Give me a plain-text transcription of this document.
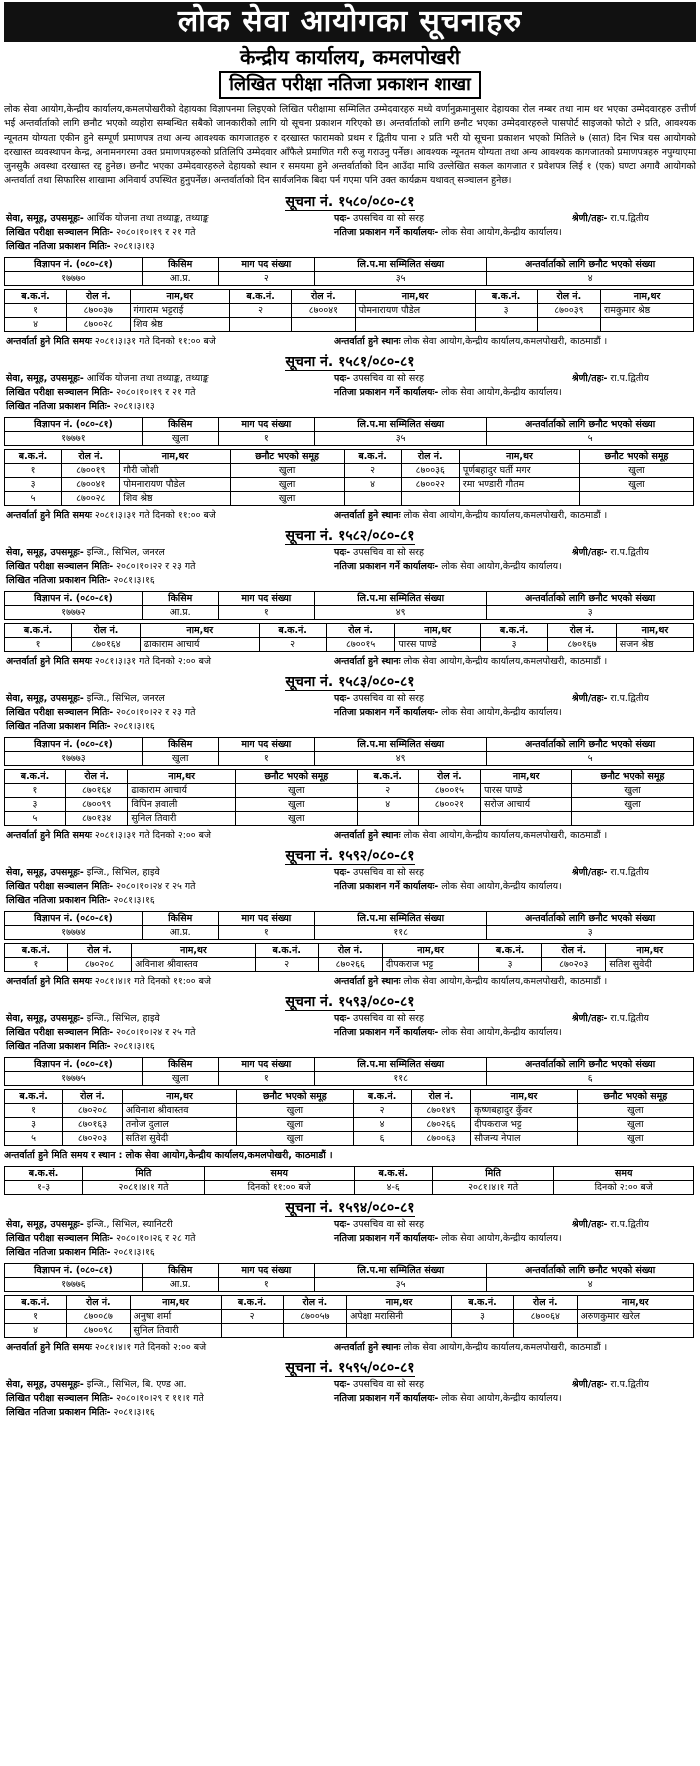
लोक सेवा आयोगका सूचनाहरु
केन्द्रीय कार्यालय, कमलपोखरी
लिखित परीक्षा नतिजा प्रकाशन शाखा
लोक सेवा आयोग,केन्द्रीय कार्यालय,कमलपोखरीको देहायका विज्ञापनमा लिइएको लिखित परीक्षामा सम्मिलित उम्मेदवारहरु मध्ये वर्णानुक्रमानुसार देहायका रोल नम्बर तथा नाम थर भएका उम्मेदवारहरु उत्तीर्ण भई अन्तर्वार्ताको लागि छनौट भएको व्यहोरा सम्बन्धित सबैको जानकारीको लागि यो सूचना प्रकाशन गरिएको छ। अन्तर्वार्ताको लागि छनौट भएका उम्मेदवारहरुले पासपोर्ट साइजको फोटो २ प्रति, आवश्यक न्यूनतम योग्यता एकीन हुने सम्पूर्ण प्रमाणपत्र तथा अन्य आवश्यक कागजातहरु र दरखास्त फारामको प्रथम र द्वितीय पाना २ प्रति भरी यो सूचना प्रकाशन भएको मितिले ७ (सात) दिन भित्र यस आयोगको दरखास्त व्यवस्थापन केन्द्र, अनामनगरमा उक्त प्रमाणपत्रहरुको प्रतिलिपि उम्मेदवार आँफैले प्रमाणित गरी रुजु गराउनु पर्नेछ। आवश्यक न्यूनतम योग्यता तथा अन्य आवश्यक कागजातको प्रमाणपत्रहरु नपुग्याएमा जुनसुकै अवस्था दरखास्त रद्द हुनेछ। छनौट भएका उम्मेदवारहरुले देहायको स्थान र समयमा हुने अन्तर्वार्ताको दिन आउँदा माथि उल्लेखित सकल कागजात र प्रवेशपत्र लिई १ (एक) घण्टा अगावै आयोगको अन्तर्वार्ता तथा सिफारिस शाखामा अनिवार्य उपस्थित हुनुपर्नेछ। अन्तर्वार्ताको दिन सार्वजनिक बिदा पर्न गएमा पनि उक्त कार्यक्रम यथावत् सञ्चालन हुनेछ।
सूचना नं. १५८०/०८०-८१
सेवा, समूह, उपसमूहः- आर्थिक योजना तथा तथ्याङ्क, तथ्याङ्क	पदः- उपसचिव वा सो सरह	श्रेणी/तहः- रा.प.द्वितीय
लिखित परीक्षा सञ्चालन मितिः- २०८०।१०।१९ र २१ गते	नतिजा प्रकाशन गर्ने कार्यालयः- लोक सेवा आयोग,केन्द्रीय कार्यालय।
लिखित नतिजा प्रकाशन मितिः- २०८१।३।१३
विज्ञापन नं. (०८०-८१)	किसिम	माग पद संख्या	लि.प.मा सम्मिलित संख्या	अन्तर्वार्ताको लागि छनौट भएको संख्या
१७७७०	आ.प्र.	२	३५	४
ब.क.नं.	रोल नं.	नाम,थर	ब.क.नं.	रोल नं.	नाम,थर	ब.क.नं.	रोल नं.	नाम,थर
१	८७००३७	गंगाराम भट्टराई	२	८७००४१	पोमनारायण पौडेल	३	८७००३९	रामकुमार श्रेष्ठ
४	८७००२८	शिव श्रेष्ठ						
अन्तर्वार्ता हुने मिति समयः २०८१।३।३१ गते दिनको ११:०० बजे	अन्तर्वार्ता हुने स्थानः लोक सेवा आयोग,केन्द्रीय कार्यालय,कमलपोखरी, काठमाडौं ।
सूचना नं. १५८१/०८०-८१
सेवा, समूह, उपसमूहः- आर्थिक योजना तथा तथ्याङ्क, तथ्याङ्क	पदः- उपसचिव वा सो सरह	श्रेणी/तहः- रा.प.द्वितीय
लिखित परीक्षा सञ्चालन मितिः- २०८०।१०।१९ र २१ गते	नतिजा प्रकाशन गर्ने कार्यालयः- लोक सेवा आयोग,केन्द्रीय कार्यालय।
लिखित नतिजा प्रकाशन मितिः- २०८१।३।१३
विज्ञापन नं. (०८०-८१)	किसिम	माग पद संख्या	लि.प.मा सम्मिलित संख्या	अन्तर्वार्ताको लागि छनौट भएको संख्या
१७७७१	खुला	१	३५	५
ब.क.नं.	रोल नं.	नाम,थर	छनौट भएको समूह	ब.क.नं.	रोल नं.	नाम,थर	छनौट भएको समूह
१	८७००१९	गौरी जोशी	खुला	२	८७००३६	पूर्णबहादुर घर्ती मगर	खुला
३	८७००४१	पोमनारायण पौडेल	खुला	४	८७००२२	रमा भण्डारी गौतम	खुला
५	८७००२८	शिव श्रेष्ठ	खुला				
अन्तर्वार्ता हुने मिति समयः २०८१।३।३१ गते दिनको ११:०० बजे	अन्तर्वार्ता हुने स्थानः लोक सेवा आयोग,केन्द्रीय कार्यालय,कमलपोखरी, काठमाडौं ।
सूचना नं. १५८२/०८०-८१
सेवा, समूह, उपसमूहः- इन्जि., सिभिल, जनरल	पदः- उपसचिव वा सो सरह	श्रेणी/तहः- रा.प.द्वितीय
लिखित परीक्षा सञ्चालन मितिः- २०८०।१०।२२ र २३ गते	नतिजा प्रकाशन गर्ने कार्यालयः- लोक सेवा आयोग,केन्द्रीय कार्यालय।
लिखित नतिजा प्रकाशन मितिः- २०८१।३।१६
विज्ञापन नं. (०८०-८१)	किसिम	माग पद संख्या	लि.प.मा सम्मिलित संख्या	अन्तर्वार्ताको लागि छनौट भएको संख्या
१७७७२	आ.प्र.	१	४९	३
ब.क.नं.	रोल नं.	नाम,थर	ब.क.नं.	रोल नं.	नाम,थर	ब.क.नं.	रोल नं.	नाम,थर
१	८७०१६४	ढाकाराम आचार्य	२	८७००१५	पारस पाण्डे	३	८७०१६७	सजन श्रेष्ठ
अन्तर्वार्ता हुने मिति समयः २०८१।३।३१ गते दिनको २:०० बजे	अन्तर्वार्ता हुने स्थानः लोक सेवा आयोग,केन्द्रीय कार्यालय,कमलपोखरी, काठमाडौं ।
सूचना नं. १५८३/०८०-८१
सेवा, समूह, उपसमूहः- इन्जि., सिभिल, जनरल	पदः- उपसचिव वा सो सरह	श्रेणी/तहः- रा.प.द्वितीय
लिखित परीक्षा सञ्चालन मितिः- २०८०।१०।२२ र २३ गते	नतिजा प्रकाशन गर्ने कार्यालयः- लोक सेवा आयोग,केन्द्रीय कार्यालय।
लिखित नतिजा प्रकाशन मितिः- २०८१।३।१६
विज्ञापन नं. (०८०-८१)	किसिम	माग पद संख्या	लि.प.मा सम्मिलित संख्या	अन्तर्वार्ताको लागि छनौट भएको संख्या
१७७७३	खुला	१	४९	५
ब.क.नं.	रोल नं.	नाम,थर	छनौट भएको समूह	ब.क.नं.	रोल नं.	नाम,थर	छनौट भएको समूह
१	८७०१६४	ढाकाराम आचार्य	खुला	२	८७००१५	पारस पाण्डे	खुला
३	८७००९९	विपिन ज्ञवाली	खुला	४	८७००२१	सरोज आचार्य	खुला
५	८७०१३४	सुनिल तिवारी	खुला				
अन्तर्वार्ता हुने मिति समयः २०८१।३।३१ गते दिनको २:०० बजे	अन्तर्वार्ता हुने स्थानः लोक सेवा आयोग,केन्द्रीय कार्यालय,कमलपोखरी, काठमाडौं ।
सूचना नं. १५९२/०८०-८१
सेवा, समूह, उपसमूहः- इन्जि., सिभिल, हाइवे	पदः- उपसचिव वा सो सरह	श्रेणी/तहः- रा.प.द्वितीय
लिखित परीक्षा सञ्चालन मितिः- २०८०।१०।२४ र २५ गते	नतिजा प्रकाशन गर्ने कार्यालयः- लोक सेवा आयोग,केन्द्रीय कार्यालय।
लिखित नतिजा प्रकाशन मितिः- २०८१।३।१६
विज्ञापन नं. (०८०-८१)	किसिम	माग पद संख्या	लि.प.मा सम्मिलित संख्या	अन्तर्वार्ताको लागि छनौट भएको संख्या
१७७७४	आ.प्र.	१	११८	३
ब.क.नं.	रोल नं.	नाम,थर	ब.क.नं.	रोल नं.	नाम,थर	ब.क.नं.	रोल नं.	नाम,थर
१	८७०२०८	अविनाश श्रीवास्तव	२	८७०२६६	दीपकराज भट्ट	३	८७०२०३	सतिश सुवेदी
अन्तर्वार्ता हुने मिति समयः २०८१।४।१ गते दिनको ११:०० बजे	अन्तर्वार्ता हुने स्थानः लोक सेवा आयोग,केन्द्रीय कार्यालय,कमलपोखरी, काठमाडौं ।
सूचना नं. १५९३/०८०-८१
सेवा, समूह, उपसमूहः- इन्जि., सिभिल, हाइवे	पदः- उपसचिव वा सो सरह	श्रेणी/तहः- रा.प.द्वितीय
लिखित परीक्षा सञ्चालन मितिः- २०८०।१०।२४ र २५ गते	नतिजा प्रकाशन गर्ने कार्यालयः- लोक सेवा आयोग,केन्द्रीय कार्यालय।
लिखित नतिजा प्रकाशन मितिः- २०८१।३।१६
विज्ञापन नं. (०८०-८१)	किसिम	माग पद संख्या	लि.प.मा सम्मिलित संख्या	अन्तर्वार्ताको लागि छनौट भएको संख्या
१७७७५	खुला	१	११८	६
ब.क.नं.	रोल नं.	नाम,थर	छनौट भएको समूह	ब.क.नं.	रोल नं.	नाम,थर	छनौट भएको समूह
१	८७०२०८	अविनाश श्रीवास्तव	खुला	२	८७०१४९	कृष्णबहादुर कुँवर	खुला
३	८७०१६३	तनोज दुलाल	खुला	४	८७०२६६	दीपकराज भट्ट	खुला
५	८७०२०३	सतिश सुवेदी	खुला	६	८७००६३	सौजन्य नेपाल	खुला
अन्तर्वार्ता हुने मिति समय र स्थान : लोक सेवा आयोग,केन्द्रीय कार्यालय,कमलपोखरी, काठमाडौं ।
ब.क.सं.	मिति	समय	ब.क.सं.	मिति	समय
१-३	२०८१।४।१ गते	दिनको ११:०० बजे	४-६	२०८१।४।१ गते	दिनको २:०० बजे
सूचना नं. १५९४/०८०-८१
सेवा, समूह, उपसमूहः- इन्जि., सिभिल, स्यानिटरी	पदः- उपसचिव वा सो सरह	श्रेणी/तहः- रा.प.द्वितीय
लिखित परीक्षा सञ्चालन मितिः- २०८०।१०।२६ र २८ गते	नतिजा प्रकाशन गर्ने कार्यालयः- लोक सेवा आयोग,केन्द्रीय कार्यालय।
लिखित नतिजा प्रकाशन मितिः- २०८१।३।१६
विज्ञापन नं. (०८०-८१)	किसिम	माग पद संख्या	लि.प.मा सम्मिलित संख्या	अन्तर्वार्ताको लागि छनौट भएको संख्या
१७७७६	आ.प्र.	१	३५	४
ब.क.नं.	रोल नं.	नाम,थर	ब.क.नं.	रोल नं.	नाम,थर	ब.क.नं.	रोल नं.	नाम,थर
१	८७००८७	अनुषा शर्मा	२	८७००५७	अपेक्षा मरासिनी	३	८७००६४	अरुणकुमार खरेल
४	८७००९८	सुनिल तिवारी						
अन्तर्वार्ता हुने मिति समयः २०८१।४।१ गते दिनको २:०० बजे	अन्तर्वार्ता हुने स्थानः लोक सेवा आयोग,केन्द्रीय कार्यालय,कमलपोखरी, काठमाडौं ।
सूचना नं. १५९५/०८०-८१
सेवा, समूह, उपसमूहः- इन्जि., सिभिल, बि. एण्ड आ.	पदः- उपसचिव वा सो सरह	श्रेणी/तहः- रा.प.द्वितीय
लिखित परीक्षा सञ्चालन मितिः- २०८०।१०।२९ र ११।१ गते	नतिजा प्रकाशन गर्ने कार्यालयः- लोक सेवा आयोग,केन्द्रीय कार्यालय।
लिखित नतिजा प्रकाशन मितिः- २०८१।३।१६
